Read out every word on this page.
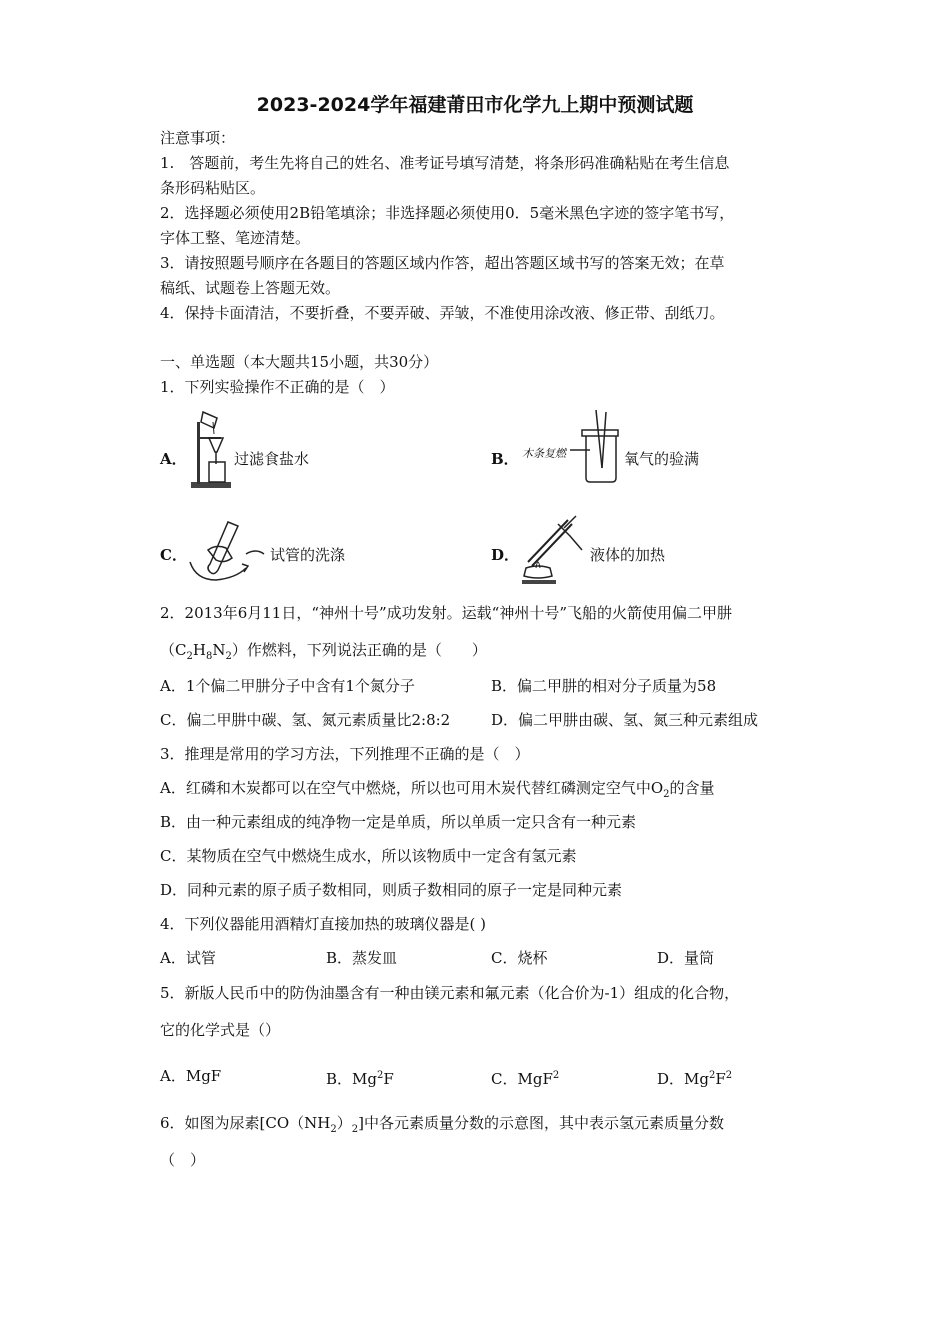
2023-2024学年福建莆田市化学九上期中预测试题
注意事项：
1.　答题前，考生先将自己的姓名、准考证号填写清楚，将条形码准确粘贴在考生信息
条形码粘贴区。
2．选择题必须使用2B铅笔填涂；非选择题必须使用0．5毫米黑色字迹的签字笔书写，
字体工整、笔迹清楚。
3．请按照题号顺序在各题目的答题区域内作答，超出答题区域书写的答案无效；在草
稿纸、试题卷上答题无效。
4．保持卡面清洁，不要折叠，不要弄破、弄皱，不准使用涂改液、修正带、刮纸刀。
一、单选题（本大题共15小题，共30分）
1．下列实验操作不正确的是（　）
A．	过滤食盐水	B． 木条复燃	氧气的验满
C．	试管的洗涤	D．	液体的加热
2．2013年6月11日，“神州十号”成功发射。运载“神州十号”飞船的火箭使用偏二甲肼
$(C_2H_8N_2)$作燃料，下列说法正确的是（　　）
A．1个偏二甲肼分子中含有1个氮分子	B．偏二甲肼的相对分子质量为58
C．偏二甲肼中碳、氢、氮元素质量比2:8:2	D．偏二甲肼由碳、氢、氮三种元素组成
3．推理是常用的学习方法，下列推理不正确的是（　）
A．红磷和木炭都可以在空气中燃烧，所以也可用木炭代替红磷测定空气中$O_2$的含量
B．由一种元素组成的纯净物一定是单质，所以单质一定只含有一种元素
C．某物质在空气中燃烧生成水，所以该物质中一定含有氢元素
D．同种元素的原子质子数相同，则质子数相同的原子一定是同种元素
4．下列仪器能用酒精灯直接加热的玻璃仪器是( )
A．试管	B．蒸发皿	C．烧杯	D．量筒
5．新版人民币中的防伪油墨含有一种由镁元素和氟元素（化合价为-1）组成的化合物，
它的化学式是（）
A．MgF	B．Mg$^2$F	C．MgF$^2$	D．$Mg^2F^2$
6．如图为尿素$[CO(NH_2)_2]$中各元素质量分数的示意图，其中表示氢元素质量分数
（　）
